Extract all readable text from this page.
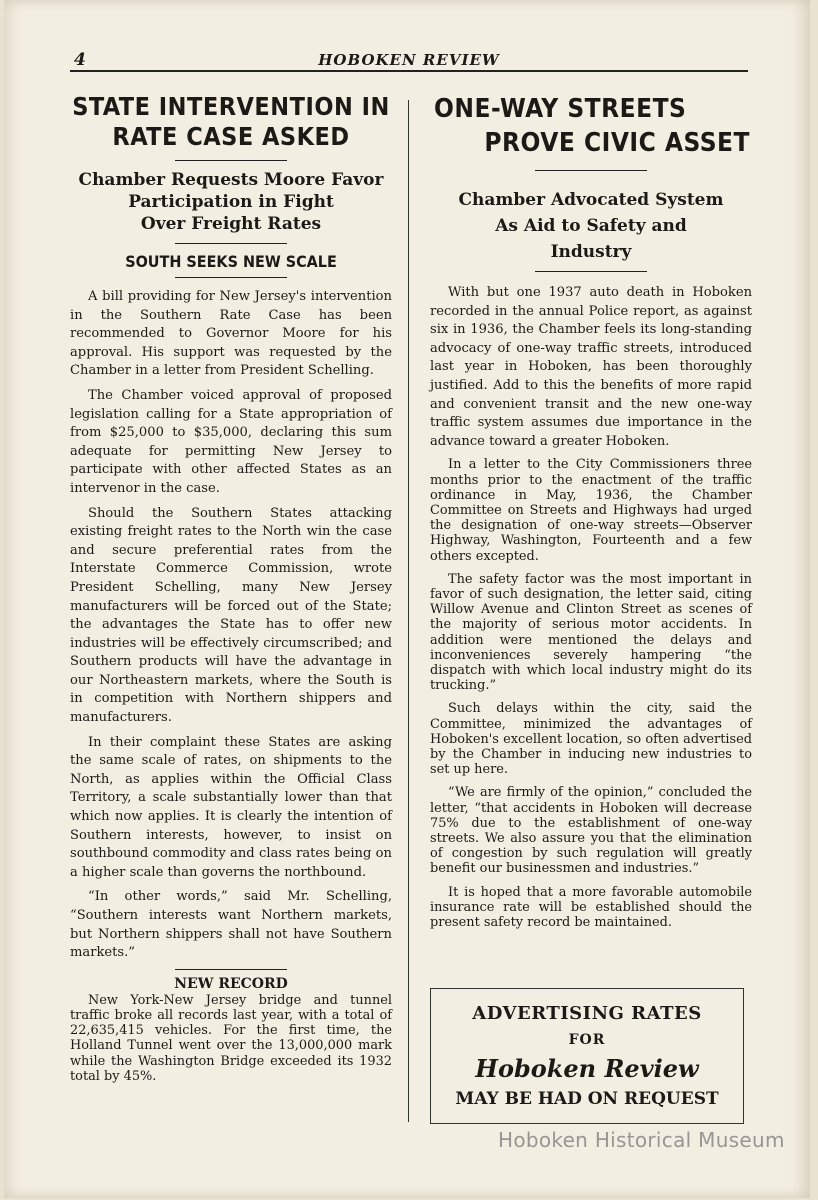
4	HOBOKEN REVIEW
STATE INTERVENTION IN
RATE CASE ASKED
Chamber Requests Moore Favor
Participation in Fight
Over Freight Rates
SOUTH SEEKS NEW SCALE

A bill providing for New Jersey's intervention in the Southern Rate Case has been recommended to Governor Moore for his approval. His support was requested by the Chamber in a letter from President Schelling.

The Chamber voiced approval of proposed legislation calling for a State appropriation of from $25,000 to $35,000, declaring this sum adequate for permitting New Jersey to participate with other affected States as an intervenor in the case.

Should the Southern States attacking existing freight rates to the North win the case and secure preferential rates from the Interstate Commerce Commission, wrote President Schelling, many New Jersey manufacturers will be forced out of the State; the advantages the State has to offer new industries will be effectively circumscribed; and Southern products will have the advantage in our Northeastern markets, where the South is in competition with Northern shippers and manufacturers.

In their complaint these States are asking the same scale of rates, on shipments to the North, as applies within the Official Class Territory, a scale substantially lower than that which now applies. It is clearly the intention of Southern interests, however, to insist on southbound commodity and class rates being on a higher scale than governs the northbound.

“In other words,” said Mr. Schelling, “Southern interests want Northern markets, but Northern shippers shall not have Southern markets.”

NEW RECORD

New York-New Jersey bridge and tunnel traffic broke all records last year, with a total of 22,635,415 vehicles. For the first time, the Holland Tunnel went over the 13,000,000 mark while the Washington Bridge exceeded its 1932 total by 45%.

ONE-WAY STREETS
PROVE CIVIC ASSET
Chamber Advocated System
As Aid to Safety and
Industry

With but one 1937 auto death in Hoboken recorded in the annual Police report, as against six in 1936, the Chamber feels its long-standing advocacy of one-way traffic streets, introduced last year in Hoboken, has been thoroughly justified. Add to this the benefits of more rapid and convenient transit and the new one-way traffic system assumes due importance in the advance toward a greater Hoboken.

In a letter to the City Commissioners three months prior to the enactment of the traffic ordinance in May, 1936, the Chamber Committee on Streets and Highways had urged the designation of one-way streets—Observer Highway, Washington, Fourteenth and a few others excepted.

The safety factor was the most important in favor of such designation, the letter said, citing Willow Avenue and Clinton Street as scenes of the majority of serious motor accidents. In addition were mentioned the delays and inconveniences severely hampering “the dispatch with which local industry might do its trucking.”

Such delays within the city, said the Committee, minimized the advantages of Hoboken's excellent location, so often advertised by the Chamber in inducing new industries to set up here.

“We are firmly of the opinion,” concluded the letter, “that accidents in Hoboken will decrease 75% due to the establishment of one-way streets. We also assure you that the elimination of congestion by such regulation will greatly benefit our businessmen and industries.”

It is hoped that a more favorable automobile insurance rate will be established should the present safety record be maintained.

ADVERTISING RATES
FOR
Hoboken Review
MAY BE HAD ON REQUEST
Hoboken Historical Museum
